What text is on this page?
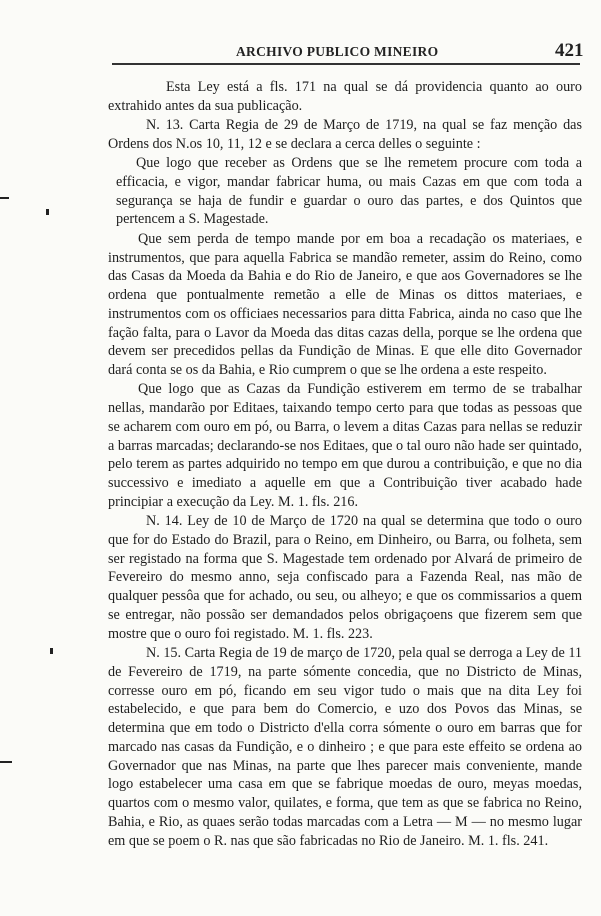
ARCHIVO PUBLICO MINEIRO	421

Esta Ley está a fls. 171 na qual se dá providencia quanto ao ouro extrahido antes da sua publicação.

N. 13. Carta Regia de 29 de Março de 1719, na qual se faz menção das Ordens dos N.os 10, 11, 12 e se declara a cerca delles o seguinte :

Que logo que receber as Ordens que se lhe remetem procure com toda a efficacia, e vigor, mandar fabricar huma, ou mais Cazas em que com toda a segurança se haja de fundir e guardar o ouro das partes, e dos Quintos que pertencem a S. Magestade.

Que sem perda de tempo mande por em boa a recadação os materiaes, e instrumentos, que para aquella Fabrica se mandão remeter, assim do Reino, como das Casas da Moeda da Bahia e do Rio de Janeiro, e que aos Governadores se lhe ordena que pontualmente remetão a elle de Minas os dittos materiaes, e instrumentos com os officiaes necessarios para ditta Fabrica, ainda no caso que lhe fação falta, para o Lavor da Moeda das ditas cazas della, porque se lhe ordena que devem ser precedidos pellas da Fundição de Minas. E que elle dito Governador dará conta se os da Bahia, e Rio cumprem o que se lhe ordena a este respeito.

Que logo que as Cazas da Fundição estiverem em termo de se trabalhar nellas, mandarão por Editaes, taixando tempo certo para que todas as pessoas que se acharem com ouro em pó, ou Barra, o levem a ditas Cazas para nellas se reduzir a barras marcadas; declarando-se nos Editaes, que o tal ouro não hade ser quintado, pelo terem as partes adquirido no tempo em que durou a contribuição, e que no dia successivo e imediato a aquelle em que a Contribuição tiver acabado hade principiar a execução da Ley. M. 1. fls. 216.

N. 14. Ley de 10 de Março de 1720 na qual se determina que todo o ouro que for do Estado do Brazil, para o Reino, em Dinheiro, ou Barra, ou folheta, sem ser registado na forma que S. Magestade tem ordenado por Alvará de primeiro de Fevereiro do mesmo anno, seja confiscado para a Fazenda Real, nas mão de qualquer pessôa que for achado, ou seu, ou alheyo; e que os commissarios a quem se entregar, não possão ser demandados pelos obrigaçoens que fizerem sem que mostre que o ouro foi registado. M. 1. fls. 223.

N. 15. Carta Regia de 19 de março de 1720, pela qual se derroga a Ley de 11 de Fevereiro de 1719, na parte sómente concedia, que no Districto de Minas, corresse ouro em pó, ficando em seu vigor tudo o mais que na dita Ley foi estabelecido, e que para bem do Comercio, e uzo dos Povos das Minas, se determina que em todo o Districto d'ella corra sómente o ouro em barras que for marcado nas casas da Fundição, e o dinheiro ; e que para este effeito se ordena ao Governador que nas Minas, na parte que lhes parecer mais conveniente, mande logo estabelecer uma casa em que se fabrique moedas de ouro, meyas moedas, quartos com o mesmo valor, quilates, e forma, que tem as que se fabrica no Reino, Bahia, e Rio, as quaes serão todas marcadas com a Letra — M — no mesmo lugar em que se poem o R. nas que são fabricadas no Rio de Janeiro. M. 1. fls. 241.
